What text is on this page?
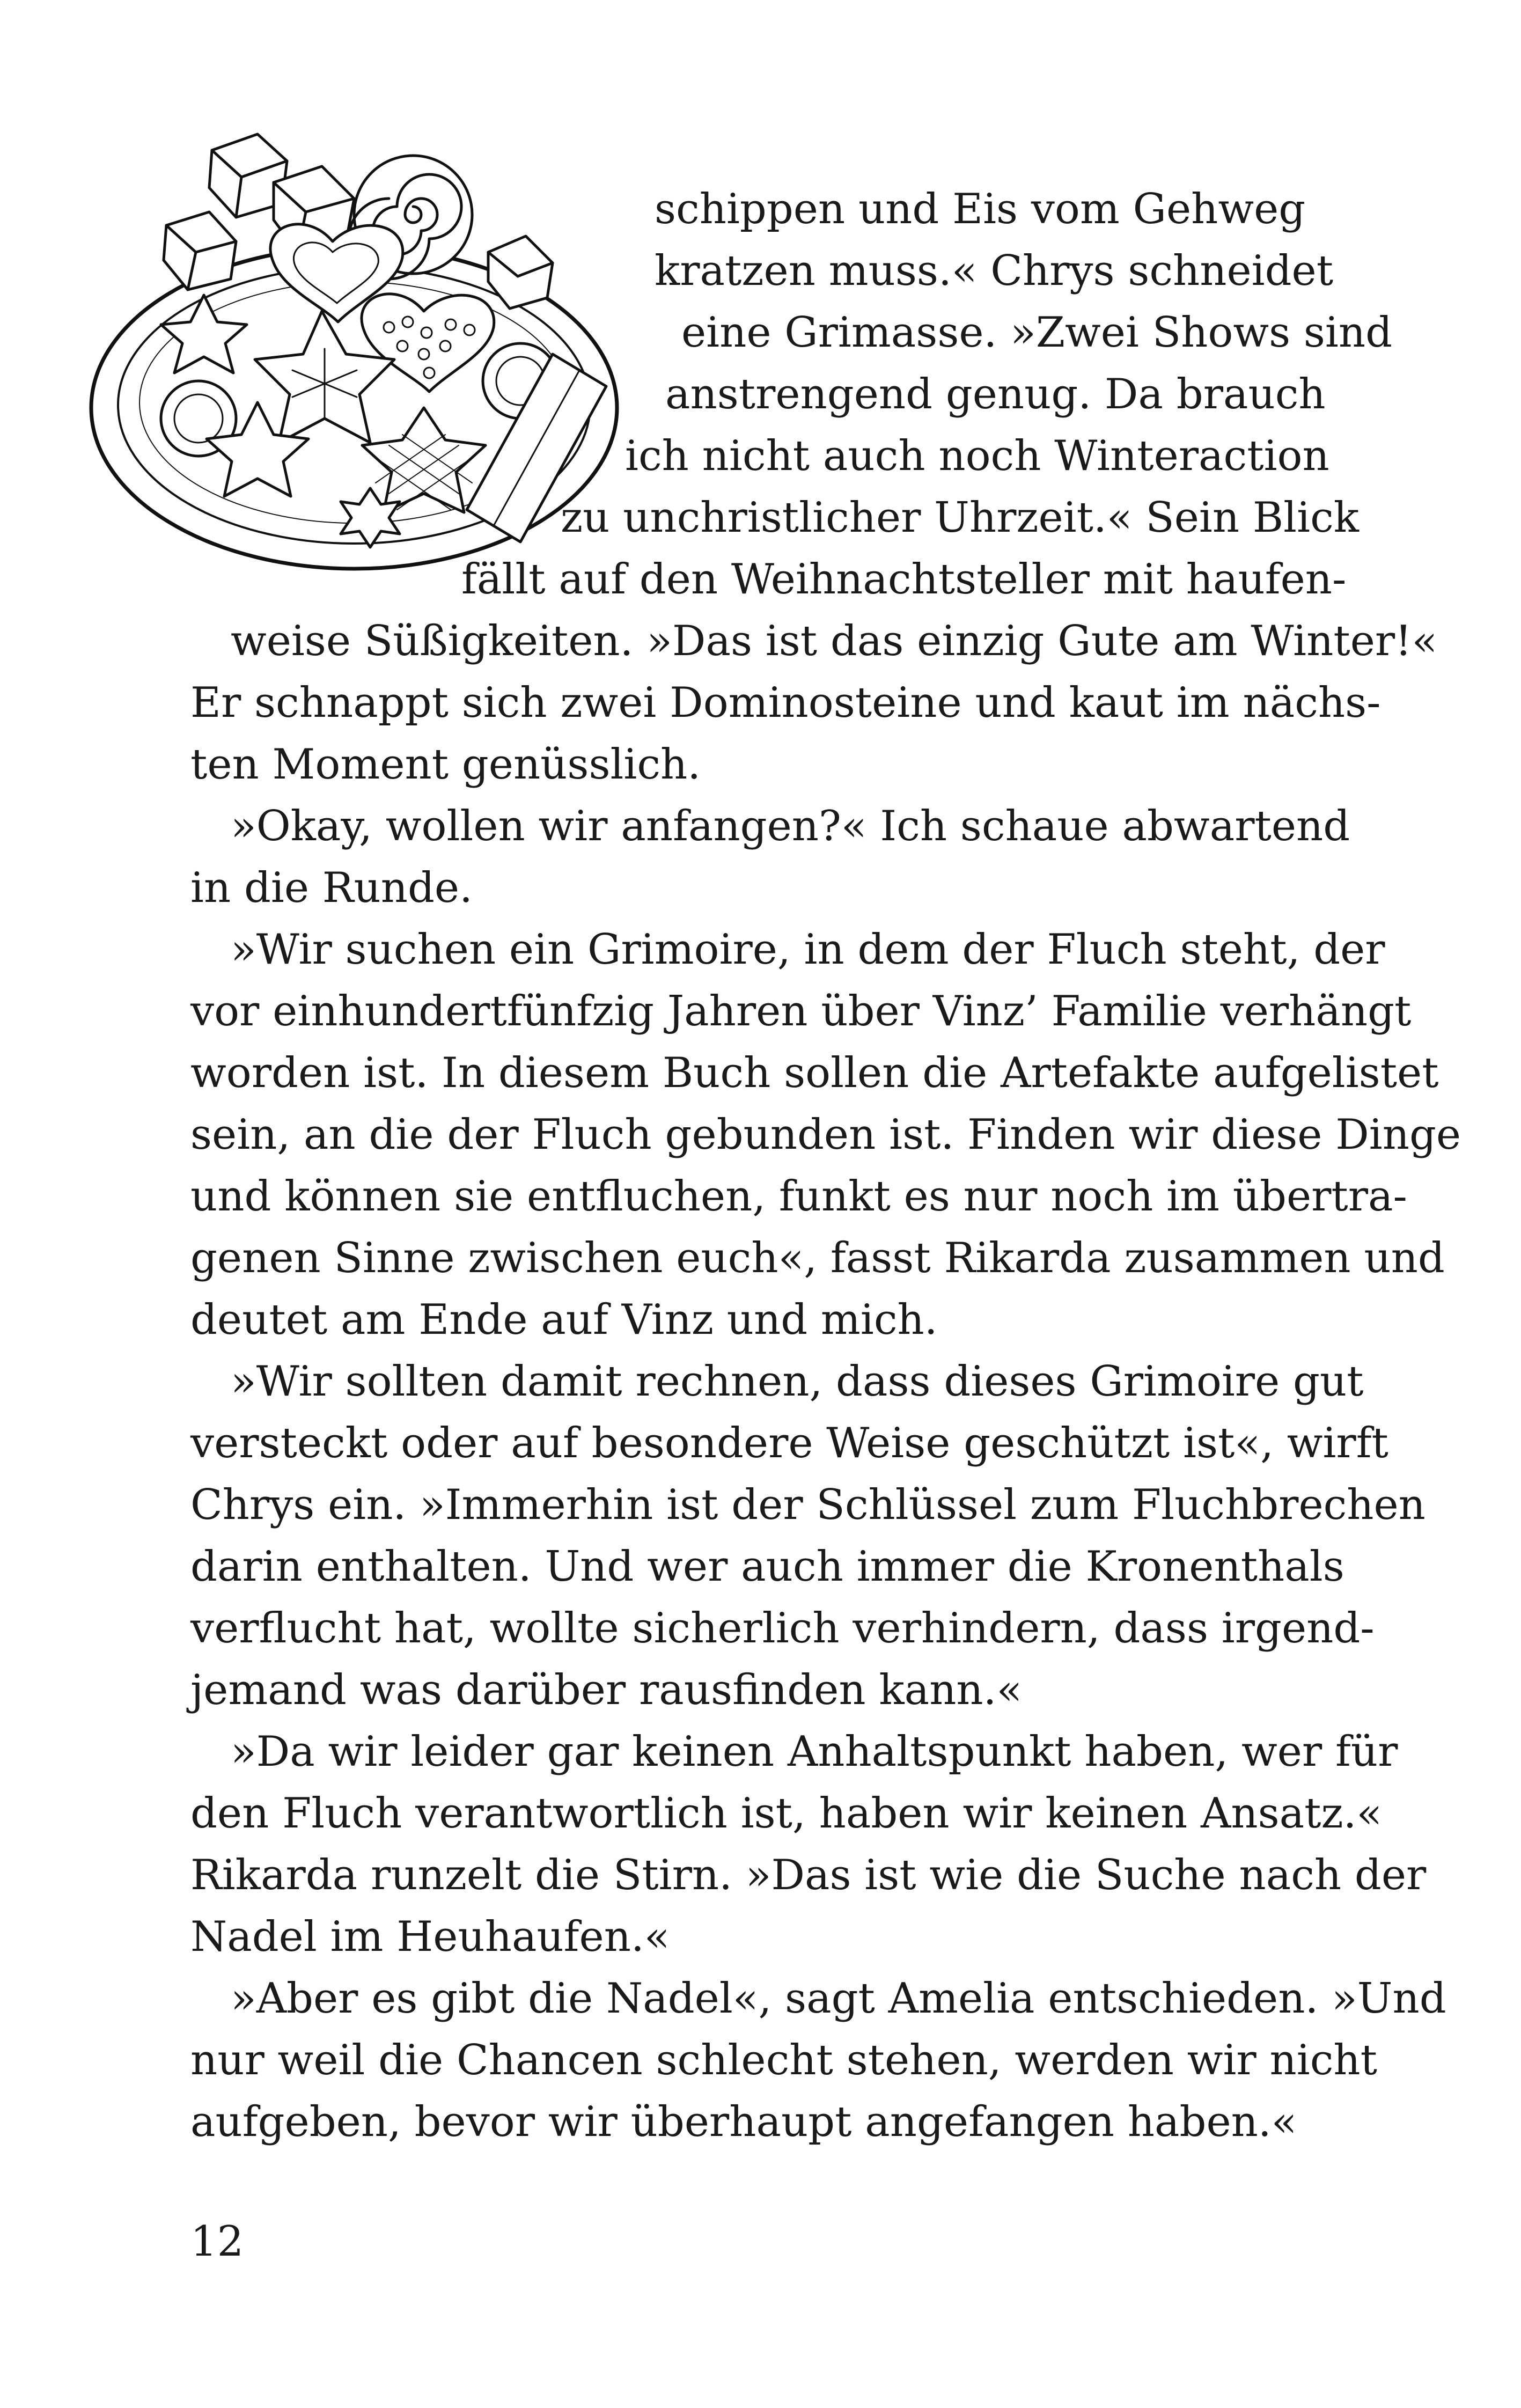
schippen und Eis vom Gehweg
kratzen muss.« Chrys schneidet
eine Grimasse. »Zwei Shows sind
anstrengend genug. Da brauch
ich nicht auch noch Winteraction
zu unchristlicher Uhrzeit.« Sein Blick
fällt auf den Weihnachtsteller mit haufen-
weise Süßigkeiten. »Das ist das einzig Gute am Winter!«
Er schnappt sich zwei Dominosteine und kaut im nächs-
ten Moment genüsslich.
»Okay, wollen wir anfangen?« Ich schaue abwartend
in die Runde.
»Wir suchen ein Grimoire, in dem der Fluch steht, der
vor einhundertfünfzig Jahren über Vinz’ Familie verhängt
worden ist. In diesem Buch sollen die Artefakte aufgelistet
sein, an die der Fluch gebunden ist. Finden wir diese Dinge
und können sie entfluchen, funkt es nur noch im übertra-
genen Sinne zwischen euch«, fasst Rikarda zusammen und
deutet am Ende auf Vinz und mich.
»Wir sollten damit rechnen, dass dieses Grimoire gut
versteckt oder auf besondere Weise geschützt ist«, wirft
Chrys ein. »Immerhin ist der Schlüssel zum Fluchbrechen
darin enthalten. Und wer auch immer die Kronenthals
verflucht hat, wollte sicherlich verhindern, dass irgend-
jemand was darüber rausfinden kann.«
»Da wir leider gar keinen Anhaltspunkt haben, wer für
den Fluch verantwortlich ist, haben wir keinen Ansatz.«
Rikarda runzelt die Stirn. »Das ist wie die Suche nach der
Nadel im Heuhaufen.«
»Aber es gibt die Nadel«, sagt Amelia entschieden. »Und
nur weil die Chancen schlecht stehen, werden wir nicht
aufgeben, bevor wir überhaupt angefangen haben.«
12
